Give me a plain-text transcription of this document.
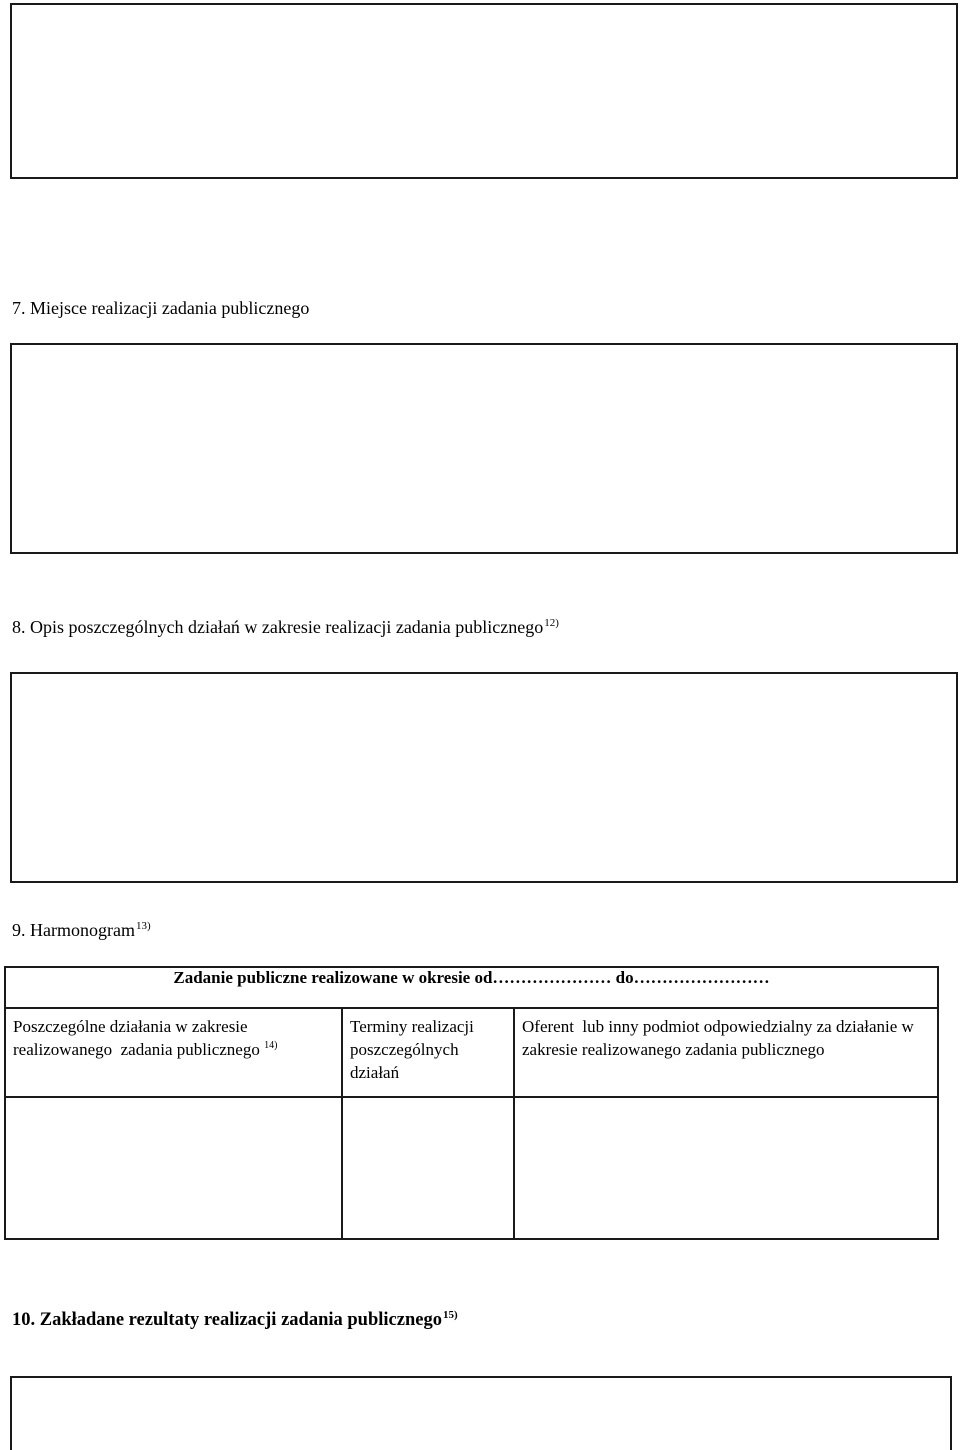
7. Miejsce realizacji zadania publicznego
8. Opis poszczególnych działań w zakresie realizacji zadania publicznego$^{12)}$
9. Harmonogram$^{13)}$
Zadanie publiczne realizowane w okresie od………………… do……………………		

Poszczególne działania w zakresie realizowanego  zadania publicznego $^{14)}$	Terminy realizacji poszczególnych działań	Oferent  lub inny podmiot odpowiedzialny za działanie w zakresie realizowanego zadania publicznego

10. Zakładane rezultaty realizacji zadania publicznego$^{15)}$
